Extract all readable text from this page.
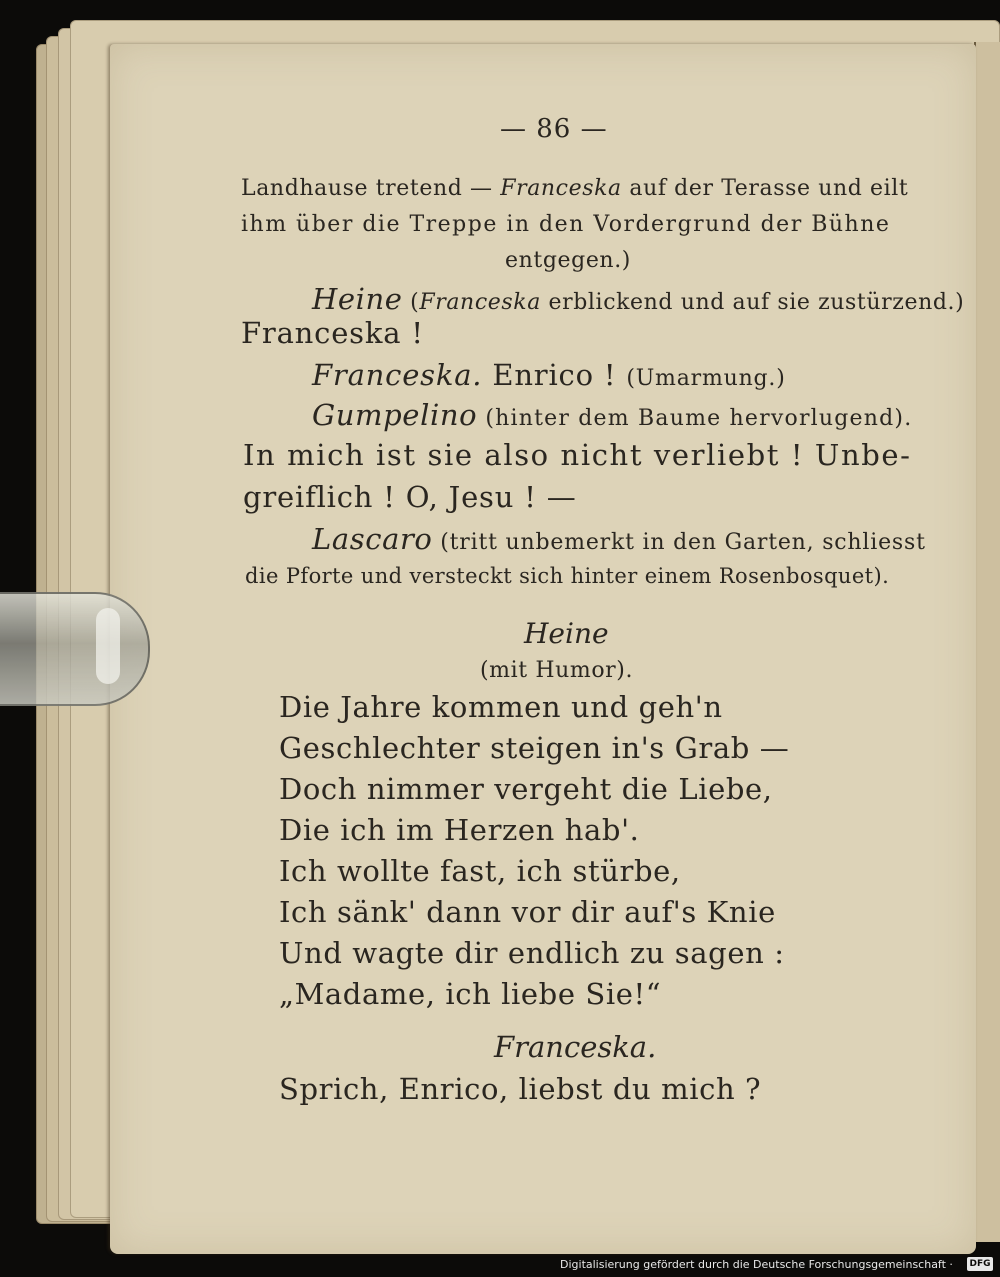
— 86 —
Landhause tretend — Franceska auf der Terasse und eilt
ihm über die Treppe in den Vordergrund der Bühne
entgegen.)
Heine (Franceska erblickend und auf sie zustürzend.)
Franceska !
Franceska. Enrico ! (Umarmung.)
Gumpelino (hinter dem Baume hervorlugend).
In mich ist sie also nicht verliebt ! Unbe-
greiflich ! O, Jesu ! —
Lascaro (tritt unbemerkt in den Garten, schliesst
die Pforte und versteckt sich hinter einem Rosenbosquet).
Heine
(mit Humor).
Die Jahre kommen und geh'n
Geschlechter steigen in's Grab —
Doch nimmer vergeht die Liebe,
Die ich im Herzen hab'.
Ich wollte fast, ich stürbe,
Ich sänk' dann vor dir auf's Knie
Und wagte dir endlich zu sagen :
„Madame, ich liebe Sie!“
Franceska.
Sprich, Enrico, liebst du mich ?
Digitalisierung gefördert durch die Deutsche Forschungsgemeinschaft · DFG
